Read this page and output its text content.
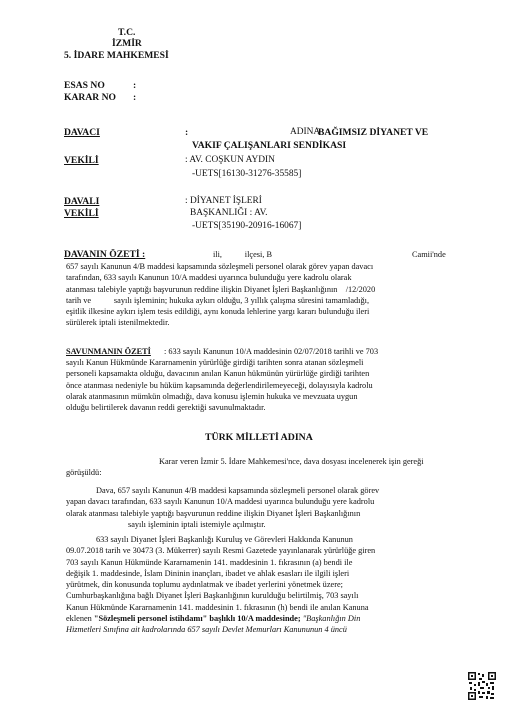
T.C.
İZMİR
5. İDARE MAHKEMESİ
ESAS NO	:
KARAR NO :
DAVACI	:	ADINA
BAĞIMSIZ DİYANET VE
VAKIF ÇALIŞANLARI SENDİKASI
VEKİLİ	: AV. COŞKUN AYDIN
-UETS[16130-31276-35585]
DAVALI	: DİYANET İŞLERİ
VEKİLİ	BAŞKANLIĞI : AV.
-UETS[35190-20916-16067]
DAVANIN ÖZETİ :	ili,           ilçesi, B	Camii'nde
657 sayılı Kanunun 4/B maddesi kapsamında sözleşmeli personel olarak görev yapan davacı
tarafından, 633 sayılı Kanunun 10/A maddesi uyarınca bulunduğu yere kadrolu olarak
atanması talebiyle yaptığı başvurunun reddine ilişkin Diyanet İşleri Başkanlığının    /12/2020
tarih ve           sayılı işleminin; hukuka aykırı olduğu, 3 yıllık çalışma süresini tamamladığı,
eşitlik ilkesine aykırı işlem tesis edildiği, aynı konuda lehlerine yargı kararı bulunduğu ileri
sürülerek iptali istenilmektedir.
SAVUNMANIN ÖZETİ : 633 sayılı Kanunun 10/A maddesinin 02/07/2018 tarihli ve 703
sayılı Kanun Hükmünde Kararnamenin yürürlüğe girdiği tarihten sonra atanan sözleşmeli
personeli kapsamakta olduğu, davacının anılan Kanun hükmünün yürürlüğe girdiği tarihten
önce atanması nedeniyle bu hüküm kapsamında değerlendirilemeyeceği, dolayısıyla kadrolu
olarak atanmasının mümkün olmadığı, dava konusu işlemin hukuka ve mevzuata uygun
olduğu belirtilerek davanın reddi gerektiği savunulmaktadır.
TÜRK MİLLETİ ADINA
Karar veren İzmir 5. İdare Mahkemesi'nce, dava dosyası incelenerek işin gereği
görüşüldü:
Dava, 657 sayılı Kanunun 4/B maddesi kapsamında sözleşmeli personel olarak görev
yapan davacı tarafından, 633 sayılı Kanunun 10/A maddesi uyarınca bulunduğu yere kadrolu
olarak atanması talebiyle yaptığı başvurunun reddine ilişkin Diyanet İşleri Başkanlığının
sayılı işleminin iptali istemiyle açılmıştır.
633 sayılı Diyanet İşleri Başkanlığı Kuruluş ve Görevleri Hakkında Kanunun
09.07.2018 tarih ve 30473 (3. Mükerrer) sayılı Resmi Gazetede yayınlanarak yürürlüğe giren
703 sayılı Kanun Hükmünde Kararnamenin 141. maddesinin 1. fıkrasının (a) bendi ile
değişik 1. maddesinde, İslam Dininin inançları, ibadet ve ahlak esasları ile ilgili işleri
yürütmek, din konusunda toplumu aydınlatmak ve ibadet yerlerini yönetmek üzere;
Cumhurbaşkanlığına bağlı Diyanet İşleri Başkanlığının kurulduğu belirtilmiş, 703 sayılı
Kanun Hükmünde Kararnamenin 141. maddesinin 1. fıkrasının (h) bendi ile anılan Kanuna
eklenen "Sözleşmeli personel istihdamı" başlıklı 10/A maddesinde; "Başkanlığın Din
Hizmetleri Sınıfına ait kadrolarında 657 sayılı Devlet Memurları Kanununun 4 üncü
